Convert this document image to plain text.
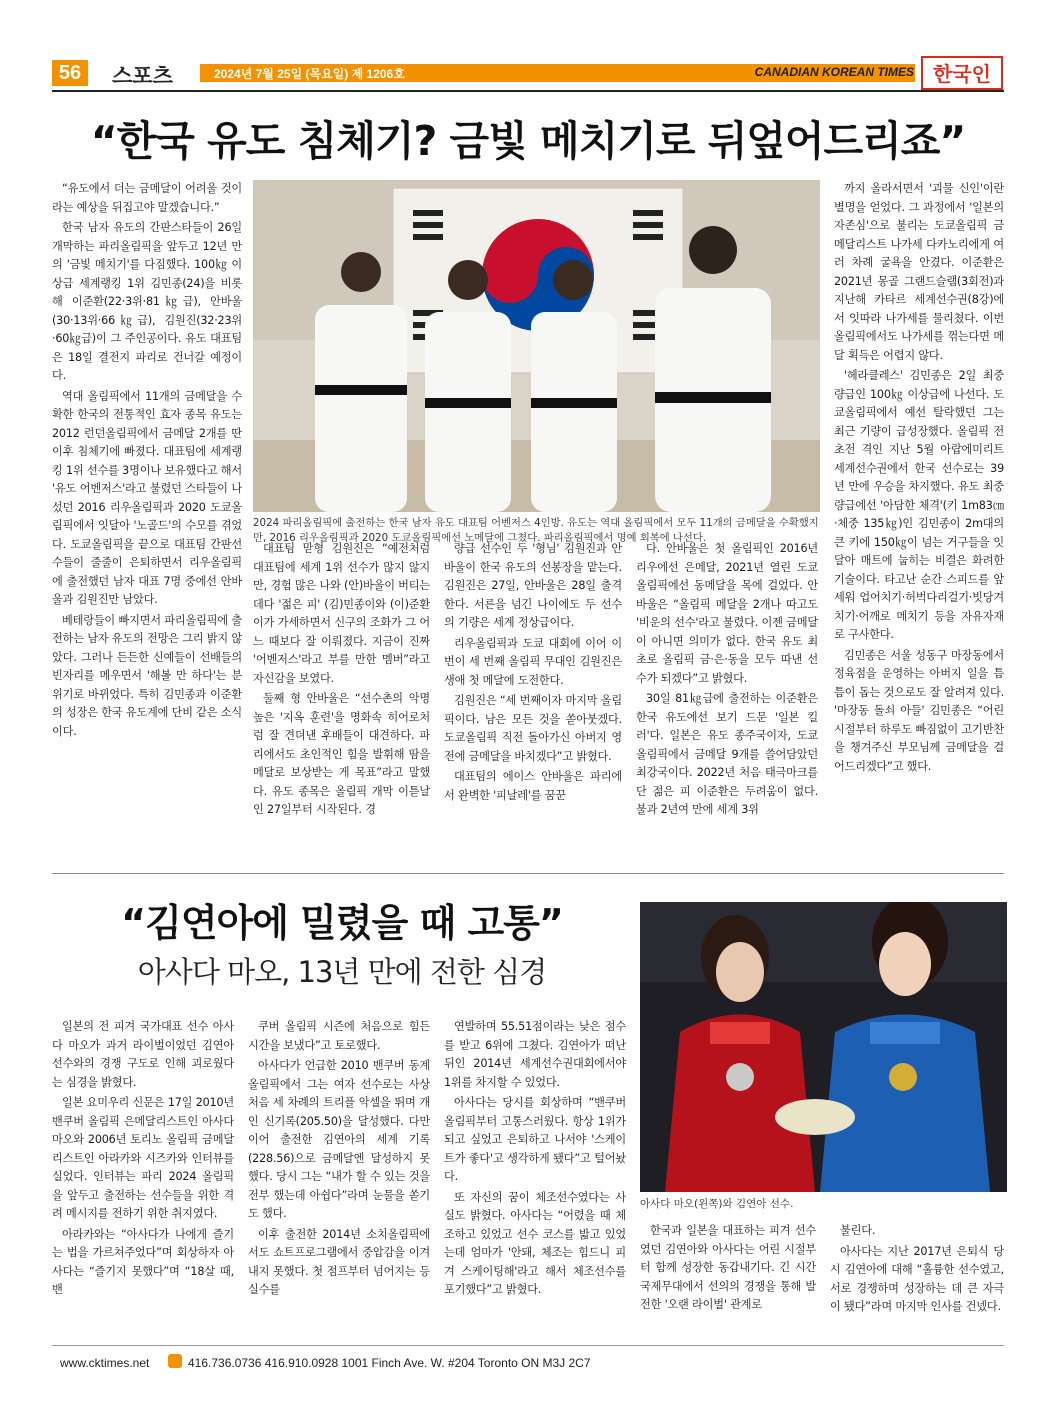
56	스포츠	2024년 7월 25일 (목요일) 제 1206호	CANADIAN KOREAN TIMES 한국인
“한국 유도 침체기? 금빛 메치기로 뒤엎어드리죠”

“유도에서 더는 금메달이 어려울 것이라는 예상을 뒤집고야 말겠습니다.”

한국 남자 유도의 간판스타들이 26일 개막하는 파리올림픽을 앞두고 12년 만의 '금빛 메치기'를 다짐했다. 100㎏ 이상급 세계랭킹 1위 김민종(24)을 비롯해 이준환(22·3위·81㎏급), 안바울(30·13위·66㎏급), 김원진(32·23위·60㎏급)이 그 주인공이다. 유도 대표팀은 18일 결전지 파리로 건너갈 예정이다.

역대 올림픽에서 11개의 금메달을 수확한 한국의 전통적인 효자 종목 유도는 2012 런던올림픽에서 금메달 2개를 딴 이후 침체기에 빠졌다. 대표팀에 세계랭킹 1위 선수를 3명이나 보유했다고 해서 '유도 어벤저스'라고 불렸던 스타들이 나섰던 2016 리우올림픽과 2020 도쿄올림픽에서 잇달아 '노골드'의 수모를 겪었다. 도쿄올림픽을 끝으로 대표팀 간판선수들이 줄줄이 은퇴하면서 리우올림픽에 출전했던 남자 대표 7명 중에선 안바울과 김원진만 남았다.

베테랑들이 빠지면서 파리올림픽에 출전하는 남자 유도의 전망은 그리 밝지 않았다. 그러나 든든한 신예들이 선배들의 빈자리를 메우면서 '해볼 만 하다'는 분위기로 바뀌었다. 특히 김민종과 이준환의 성장은 한국 유도계에 단비 같은 소식이다.

2024 파리올림픽에 출전하는 한국 남자 유도 대표팀 어벤저스 4인방. 유도는 역대 올림픽에서 모두 11개의 금메달을 수확했지만, 2016 리우올림픽과 2020 도쿄올림픽에선 노메달에 그쳤다. 파리올림픽에서 명예 회복에 나선다.

대표팀 맏형 김원진은 “예전처럼 대표팀에 세계 1위 선수가 많지 않지만, 경험 많은 나와 (안)바울이 버티는 데다 '젊은 피' (김)민종이와 (이)준환이가 가세하면서 신구의 조화가 그 어느 때보다 잘 이뤄졌다. 지금이 진짜 '어벤저스'라고 부를 만한 멤버”라고 자신감을 보였다.

둘째 형 안바울은 “선수촌의 악명 높은 '지옥 훈련'을 명화속 히어로처럼 잘 견뎌낸 후배들이 대견하다. 파리에서도 초인적인 힘을 발휘해 땀을 메달로 보상받는 게 목표”라고 말했다. 유도 종목은 올림픽 개막 이튿날인 27일부터 시작된다. 경

량급 선수인 두 '형님' 김원진과 안바울이 한국 유도의 선봉장을 맡는다. 김원진은 27일, 안바울은 28일 출격한다. 서른을 넘긴 나이에도 두 선수의 기량은 세계 정상급이다.

리우올림픽과 도쿄 대회에 이어 이번이 세 번째 올림픽 무대인 김원진은 생애 첫 메달에 도전한다.

김원진은 “세 번째이자 마지막 올림픽이다. 남은 모든 것을 쏟아붓겠다. 도쿄올림픽 직전 돌아가신 아버지 영전에 금메달을 바치겠다”고 밝혔다.

대표팀의 에이스 안바울은 파리에서 완벽한 '피날레'를 꿈꾼

다. 안바울은 첫 올림픽인 2016년 리우에선 은메달, 2021년 열린 도쿄올림픽에선 동메달을 목에 걸었다. 안바울은 “올림픽 메달을 2개나 따고도 '비운의 선수'라고 불렸다. 이젠 금메달이 아니면 의미가 없다. 한국 유도 최초로 올림픽 금·은·동을 모두 따낸 선수가 되겠다”고 밝혔다.

30일 81㎏급에 출전하는 이준환은 한국 유도에선 보기 드문 '일본 킬러'다. 일본은 유도 종주국이자, 도쿄올림픽에서 금메달 9개를 쓸어담았던 최강국이다. 2022년 처음 태극마크를 단 젊은 피 이준환은 두려움이 없다. 불과 2년여 만에 세계 3위

까지 올라서면서 '괴물 신인'이란 별명을 얻었다. 그 과정에서 '일본의 자존심'으로 불리는 도쿄올림픽 금메달리스트 나가세 다카노리에게 여러 차례 굴욕을 안겼다. 이준환은 2021년 몽골 그랜드슬램(3회전)과 지난해 카타르 세계선수권(8강)에서 잇따라 나가세를 물리쳤다. 이번 올림픽에서도 나가세를 꺾는다면 메달 획득은 어렵지 않다.

'헤라클레스' 김민종은 2일 최중량급인 100㎏ 이상급에 나선다. 도쿄올림픽에서 예선 탈락했던 그는 최근 기량이 급성장했다. 올림픽 전초전 격인 지난 5월 아랍에미리트 세계선수권에서 한국 선수로는 39년 만에 우승을 차지했다. 유도 최중량급에선 '아담한 체격'(키 1m83㎝·체중 135㎏)인 김민종이 2m대의 큰 키에 150㎏이 넘는 거구들을 잇달아 매트에 눕히는 비결은 화려한 기술이다. 타고난 순간 스피드를 앞세워 업어치기·허벅다리걸기·빗당겨치기·어깨로 메치기 등을 자유자재로 구사한다.

김민종은 서울 성동구 마장동에서 정육점을 운영하는 아버지 일을 틈틈이 돕는 것으로도 잘 알려져 있다. '마장동 돌쇠 아들' 김민종은 “어린 시절부터 하루도 빠짐없이 고기반찬을 챙겨주신 부모님께 금메달을 걸어드리겠다”고 했다.

“김연아에 밀렸을 때 고통”
아사다 마오, 13년 만에 전한 심경

일본의 전 피겨 국가대표 선수 아사다 마오가 과거 라이벌이었던 김연아 선수와의 경쟁 구도로 인해 괴로웠다는 심경을 밝혔다.

일본 요미우리 신문은 17일 2010년 밴쿠버 올림픽 은메달리스트인 아사다 마오와 2006년 토리노 올림픽 금메달리스트인 아라카와 시즈카와 인터뷰를 실었다. 인터뷰는 파리 2024 올림픽을 앞두고 출전하는 선수들을 위한 격려 메시지를 전하기 위한 취지였다.

아라카와는 “아사다가 나에게 즐기는 법을 가르쳐주었다”며 회상하자 아사다는 “즐기지 못했다”며 “18살 때, 밴

쿠버 올림픽 시즌에 처음으로 힘든 시간을 보냈다”고 토로했다.

아사다가 언급한 2010 밴쿠버 동계올림픽에서 그는 여자 선수로는 사상 처음 세 차례의 트리플 악셀을 뛰며 개인 신기록(205.50)을 달성했다. 다만 이어 출전한 김연아의 세계 기록(228.56)으로 금메달엔 달성하지 못했다. 당시 그는 “내가 할 수 있는 것을 전부 했는데 아쉽다”라며 눈물을 쏟기도 했다.

이후 출전한 2014년 소치올림픽에서도 쇼트프로그램에서 중압감을 이겨내지 못했다. 첫 점프부터 넘어지는 등 실수를

연발하며 55.51점이라는 낮은 점수를 받고 6위에 그쳤다. 김연아가 떠난 뒤인 2014년 세계선수권대회에서야 1위를 차지할 수 있었다.

아사다는 당시를 회상하며 “밴쿠버 올림픽부터 고통스러웠다. 항상 1위가 되고 싶었고 은퇴하고 나서야 '스케이트가 좋다'고 생각하게 됐다”고 털어놨다.

또 자신의 꿈이 체조선수였다는 사실도 밝혔다. 아사다는 “어렸을 때 체조하고 있었고 선수 코스를 밟고 있었는데 엄마가 '안돼, 체조는 힘드니 피겨 스케이팅해'라고 해서 체조선수를 포기했다”고 밝혔다.

아사다 마오(왼쪽)와 김연아 선수.

한국과 일본을 대표하는 피겨 선수였던 김연아와 아사다는 어린 시절부터 함께 성장한 동갑내기다. 긴 시간 국제무대에서 선의의 경쟁을 통해 발전한 '오랜 라이벌' 관계로

불린다.

아사다는 지난 2017년 은퇴식 당시 김연아에 대해 “훌륭한 선수였고, 서로 경쟁하며 성장하는 데 큰 자극이 됐다”라며 마지막 인사를 건넸다.

www.cktimes.net	416.736.0736 416.910.0928 1001 Finch Ave. W. #204 Toronto ON M3J 2C7
